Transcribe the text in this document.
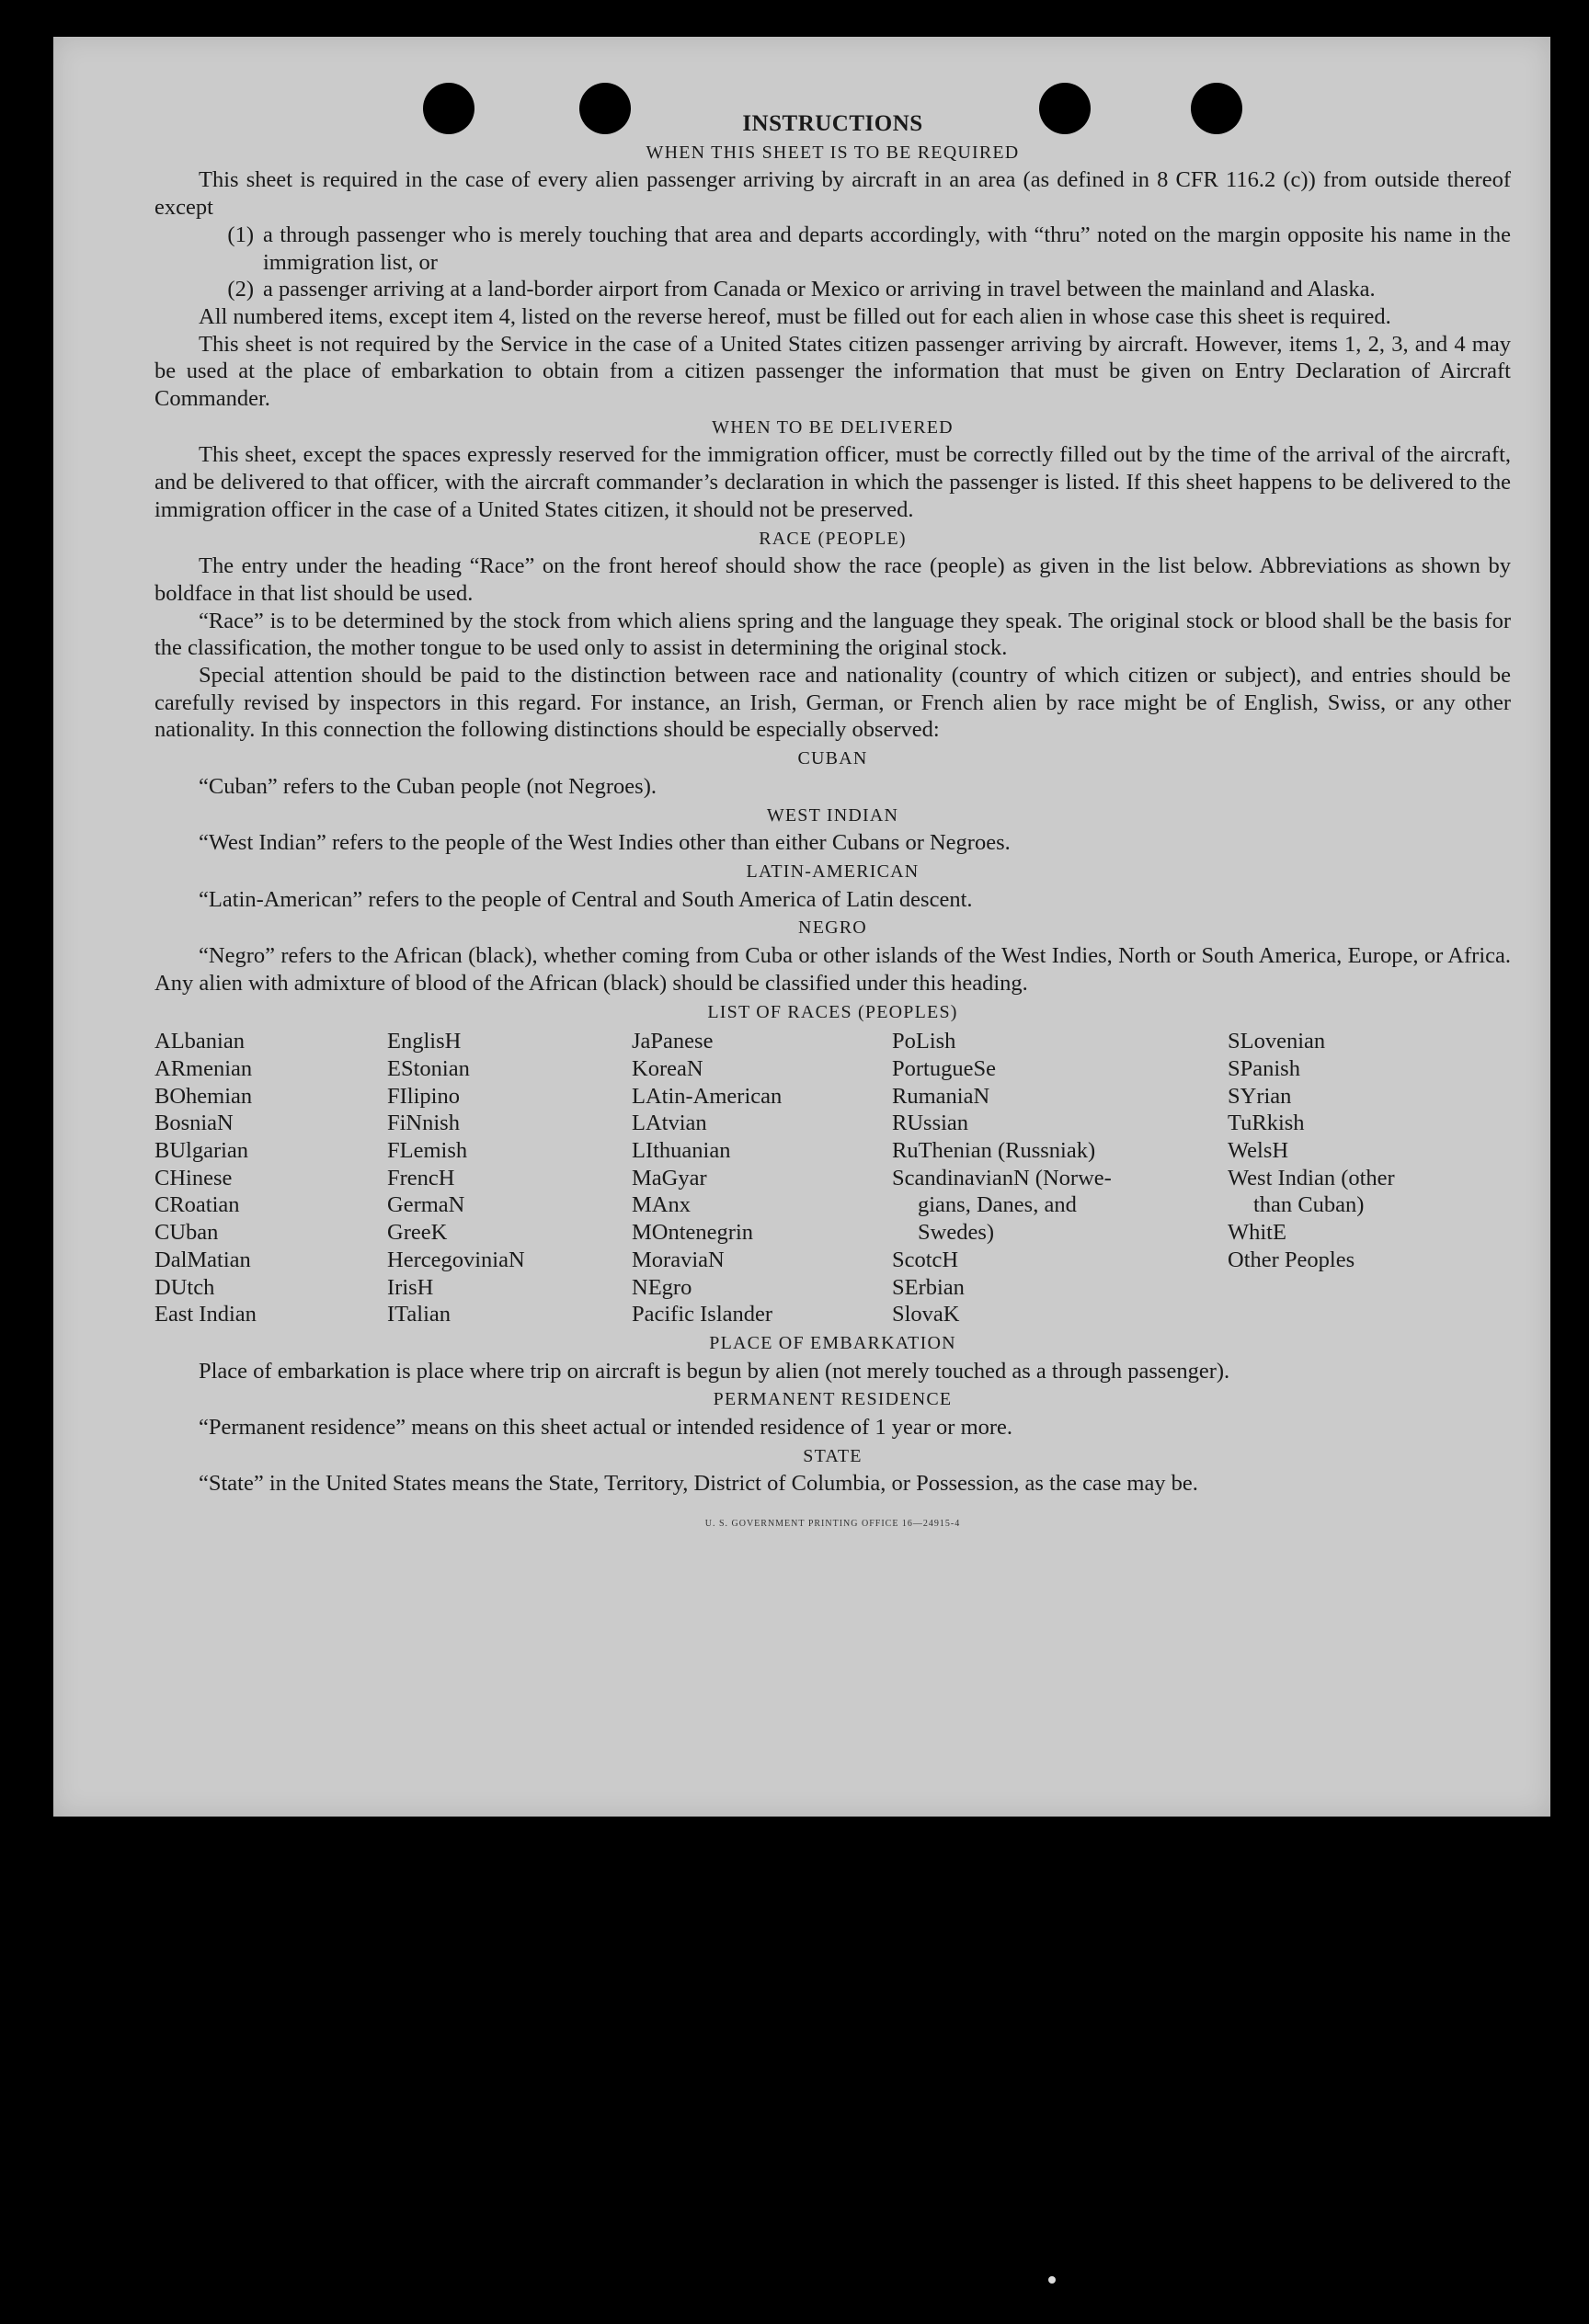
INSTRUCTIONS
WHEN THIS SHEET IS TO BE REQUIRED

This sheet is required in the case of every alien passenger arriving by aircraft in an area (as defined in 8 CFR 116.2 (c)) from outside thereof except

(1) a through passenger who is merely touching that area and departs accordingly, with “thru” noted on the margin opposite his name in the immigration list, or
(2) a passenger arriving at a land-border airport from Canada or Mexico or arriving in travel between the mainland and Alaska.

All numbered items, except item 4, listed on the reverse hereof, must be filled out for each alien in whose case this sheet is required.

This sheet is not required by the Service in the case of a United States citizen passenger arriving by aircraft. However, items 1, 2, 3, and 4 may be used at the place of embarkation to obtain from a citizen passenger the information that must be given on Entry Declaration of Aircraft Commander.

WHEN TO BE DELIVERED

This sheet, except the spaces expressly reserved for the immigration officer, must be correctly filled out by the time of the arrival of the aircraft, and be delivered to that officer, with the aircraft commander’s declaration in which the passenger is listed. If this sheet happens to be delivered to the immigration officer in the case of a United States citizen, it should not be preserved.

RACE (PEOPLE)

The entry under the heading “Race” on the front hereof should show the race (people) as given in the list below. Abbreviations as shown by boldface in that list should be used.

“Race” is to be determined by the stock from which aliens spring and the language they speak. The original stock or blood shall be the basis for the classification, the mother tongue to be used only to assist in determining the original stock.

Special attention should be paid to the distinction between race and nationality (country of which citizen or subject), and entries should be carefully revised by inspectors in this regard. For instance, an Irish, German, or French alien by race might be of English, Swiss, or any other nationality. In this connection the following distinctions should be especially observed:

CUBAN

“Cuban” refers to the Cuban people (not Negroes).

WEST INDIAN

“West Indian” refers to the people of the West Indies other than either Cubans or Negroes.

LATIN-AMERICAN

“Latin-American” refers to the people of Central and South America of Latin descent.

NEGRO

“Negro” refers to the African (black), whether coming from Cuba or other islands of the West Indies, North or South America, Europe, or Africa. Any alien with admixture of blood of the African (black) should be classified under this heading.

LIST OF RACES (PEOPLES)
ALbanian
ARmenian
BOhemian
BosniaN
BUlgarian
CHinese
CRoatian
CUban
DalMatian
DUtch
East Indian
EnglisH
EStonian
FIlipino
FiNnish
FLemish
FrencH
GermaN
GreeK
HercegoviniaN
IrisH
ITalian
JaPanese
KoreaN
LAtin-American
LAtvian
LIthuanian
MaGyar
MAnx
MOntenegrin
MoraviaN
NEgro
Pacific Islander
PoLish
PortugueSe
RumaniaN
RUssian
RuThenian (Russniak)
ScandinavianN (Norwe-
gians, Danes, and
Swedes)
ScotcH
SErbian
SlovaK
SLovenian
SPanish
SYrian
TuRkish
WelsH
West Indian (other
than Cuban)
WhitE
Other Peoples
PLACE OF EMBARKATION

Place of embarkation is place where trip on aircraft is begun by alien (not merely touched as a through passenger).

PERMANENT RESIDENCE

“Permanent residence” means on this sheet actual or intended residence of 1 year or more.

STATE

“State” in the United States means the State, Territory, District of Columbia, or Possession, as the case may be.

U. S. GOVERNMENT PRINTING OFFICE 16—24915-4
